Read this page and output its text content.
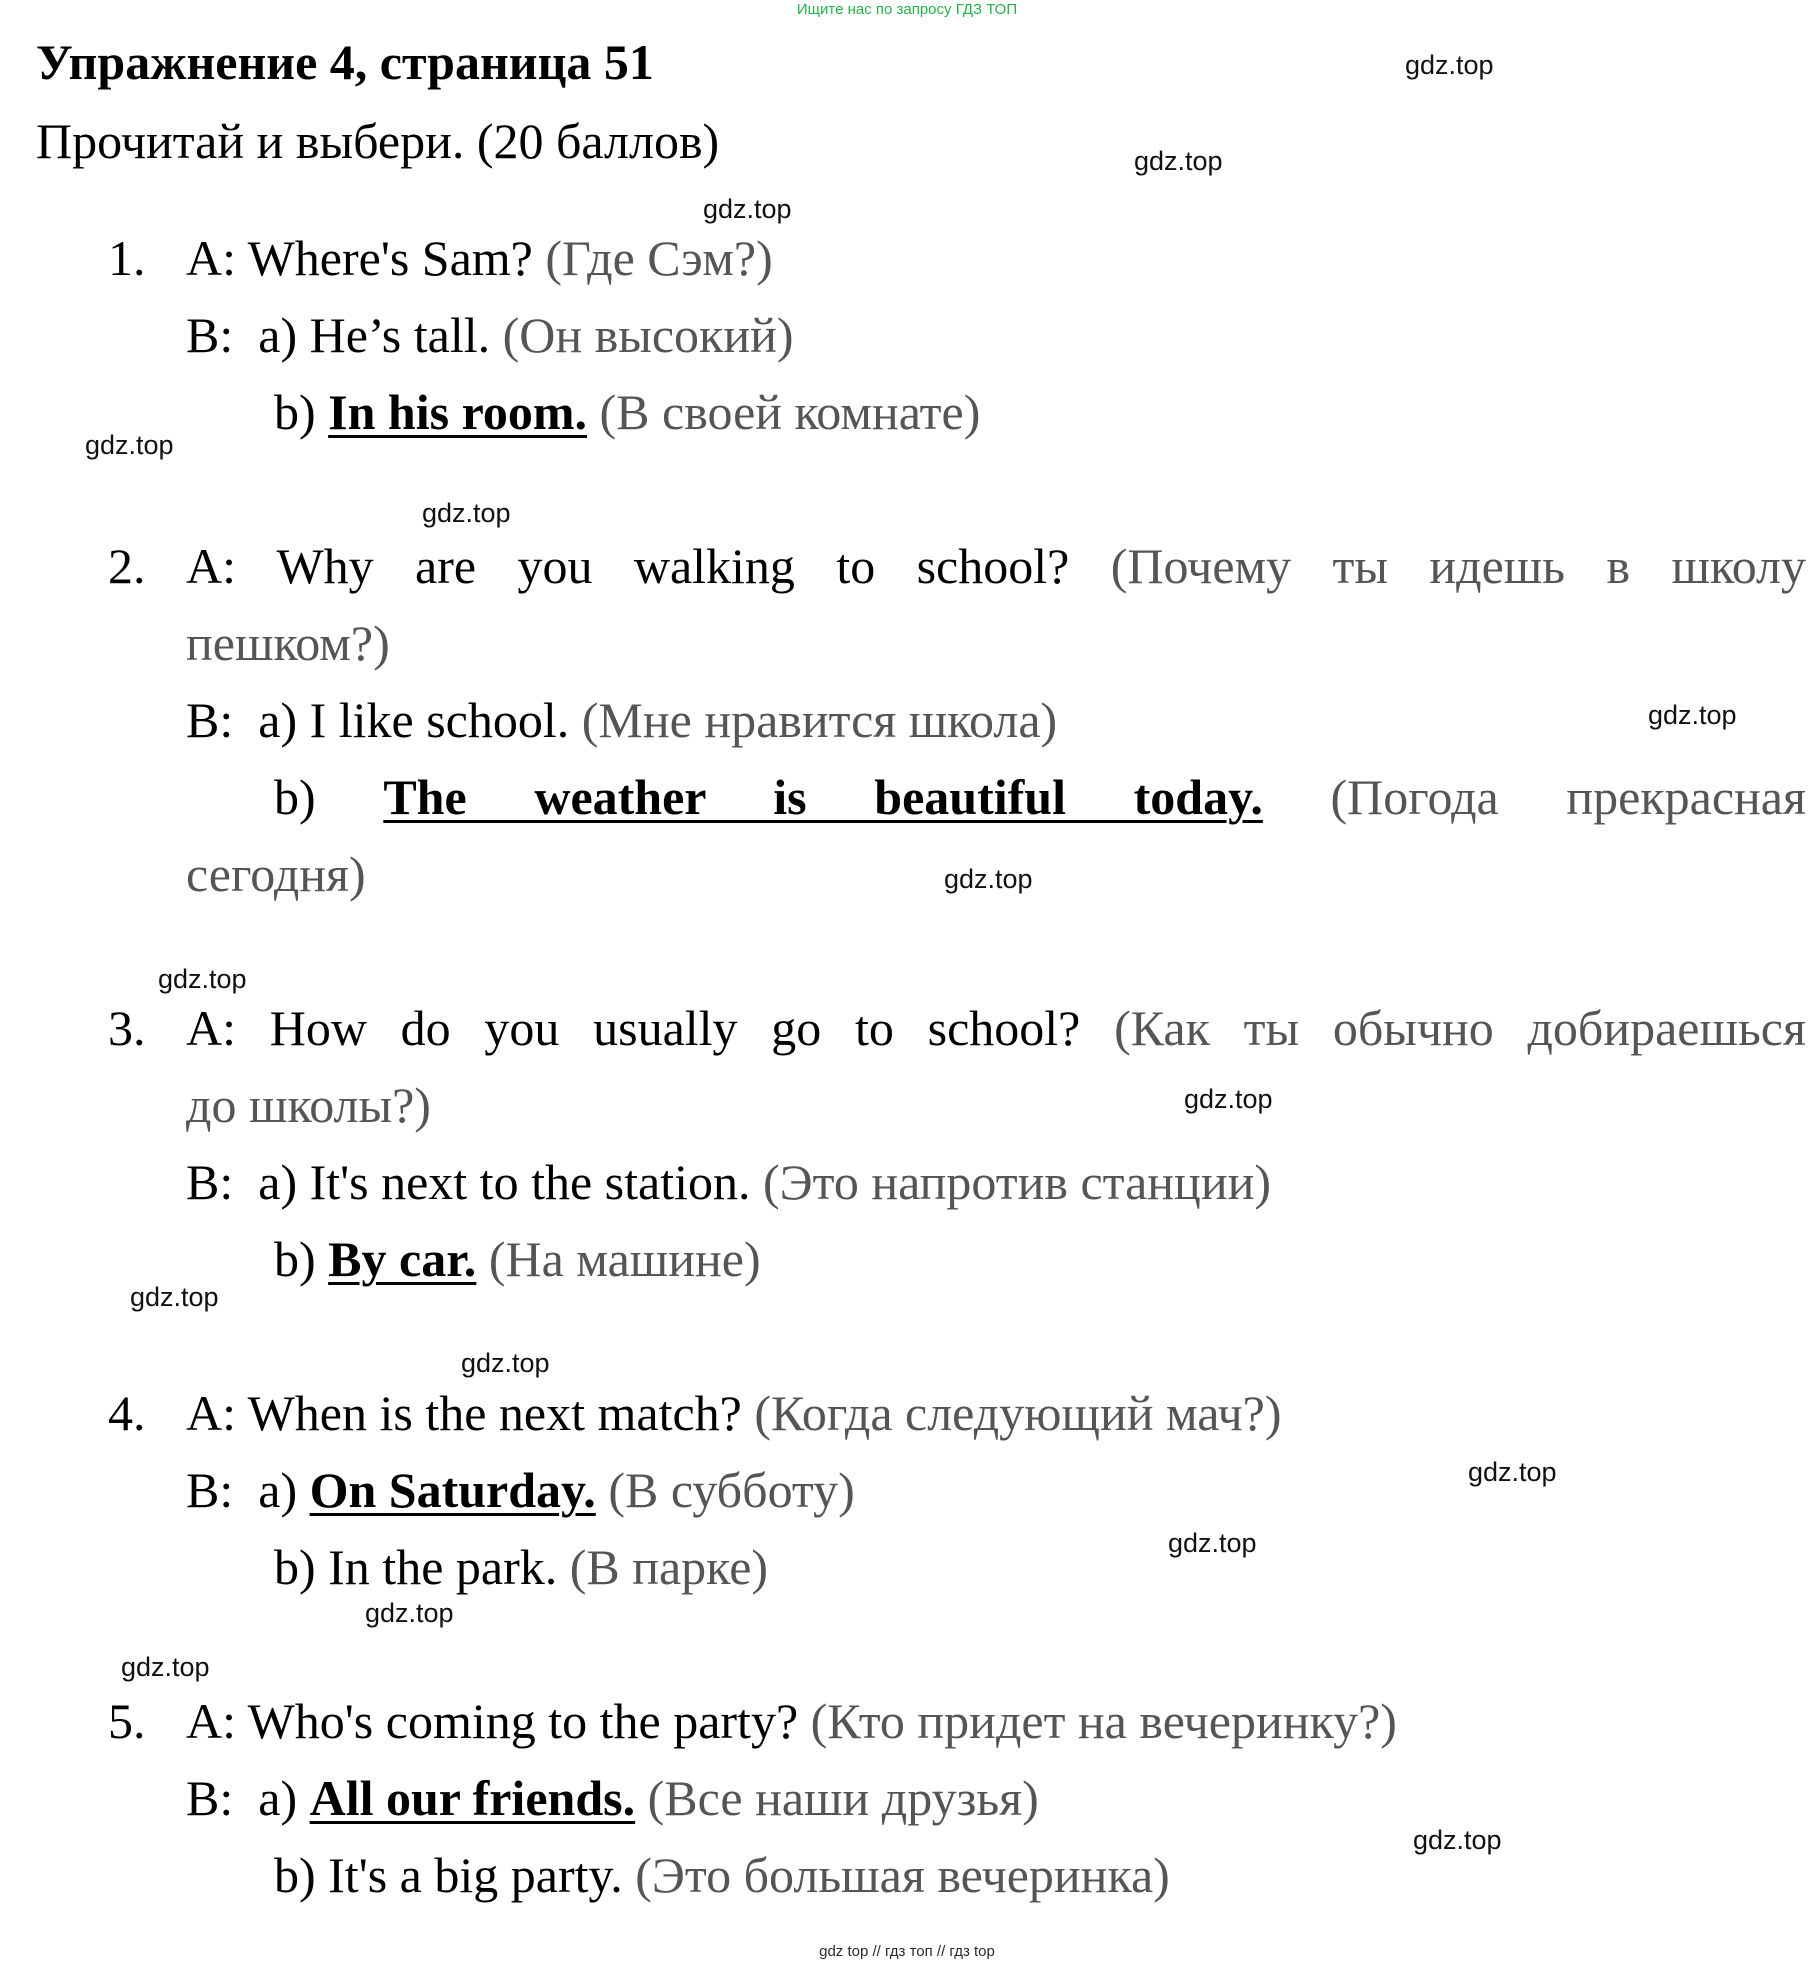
Ищите нас по запросу ГДЗ ТОП
gdz top // гдз топ // гдз top
Упражнение 4, страница 51
Прочитай и выбери. (20 баллов)
gdz.top
gdz.top
gdz.top
gdz.top
gdz.top
gdz.top
gdz.top
gdz.top
gdz.top
gdz.top
gdz.top
gdz.top
gdz.top
gdz.top
gdz.top
gdz.top
1. A: Where's Sam? (Где Сэм?)
B: a) He’s tall. (Он высокий)
b) In his room. (В своей комнате)
2. A: Why are you walking to school? (Почему ты идешь в школу
пешком?)
B: a) I like school. (Мне нравится школа)
b) The weather is beautiful today. (Погода прекрасная
сегодня)
3. A: How do you usually go to school? (Как ты обычно добираешься
до школы?)
B: a) It's next to the station. (Это напротив станции)
b) By car. (На машине)
4. A: When is the next match? (Когда следующий мач?)
B: a) On Saturday. (В субботу)
b) In the park. (В парке)
5. A: Who's coming to the party? (Кто придет на вечеринку?)
B: a) All our friends. (Все наши друзья)
b) It's a big party. (Это большая вечеринка)
